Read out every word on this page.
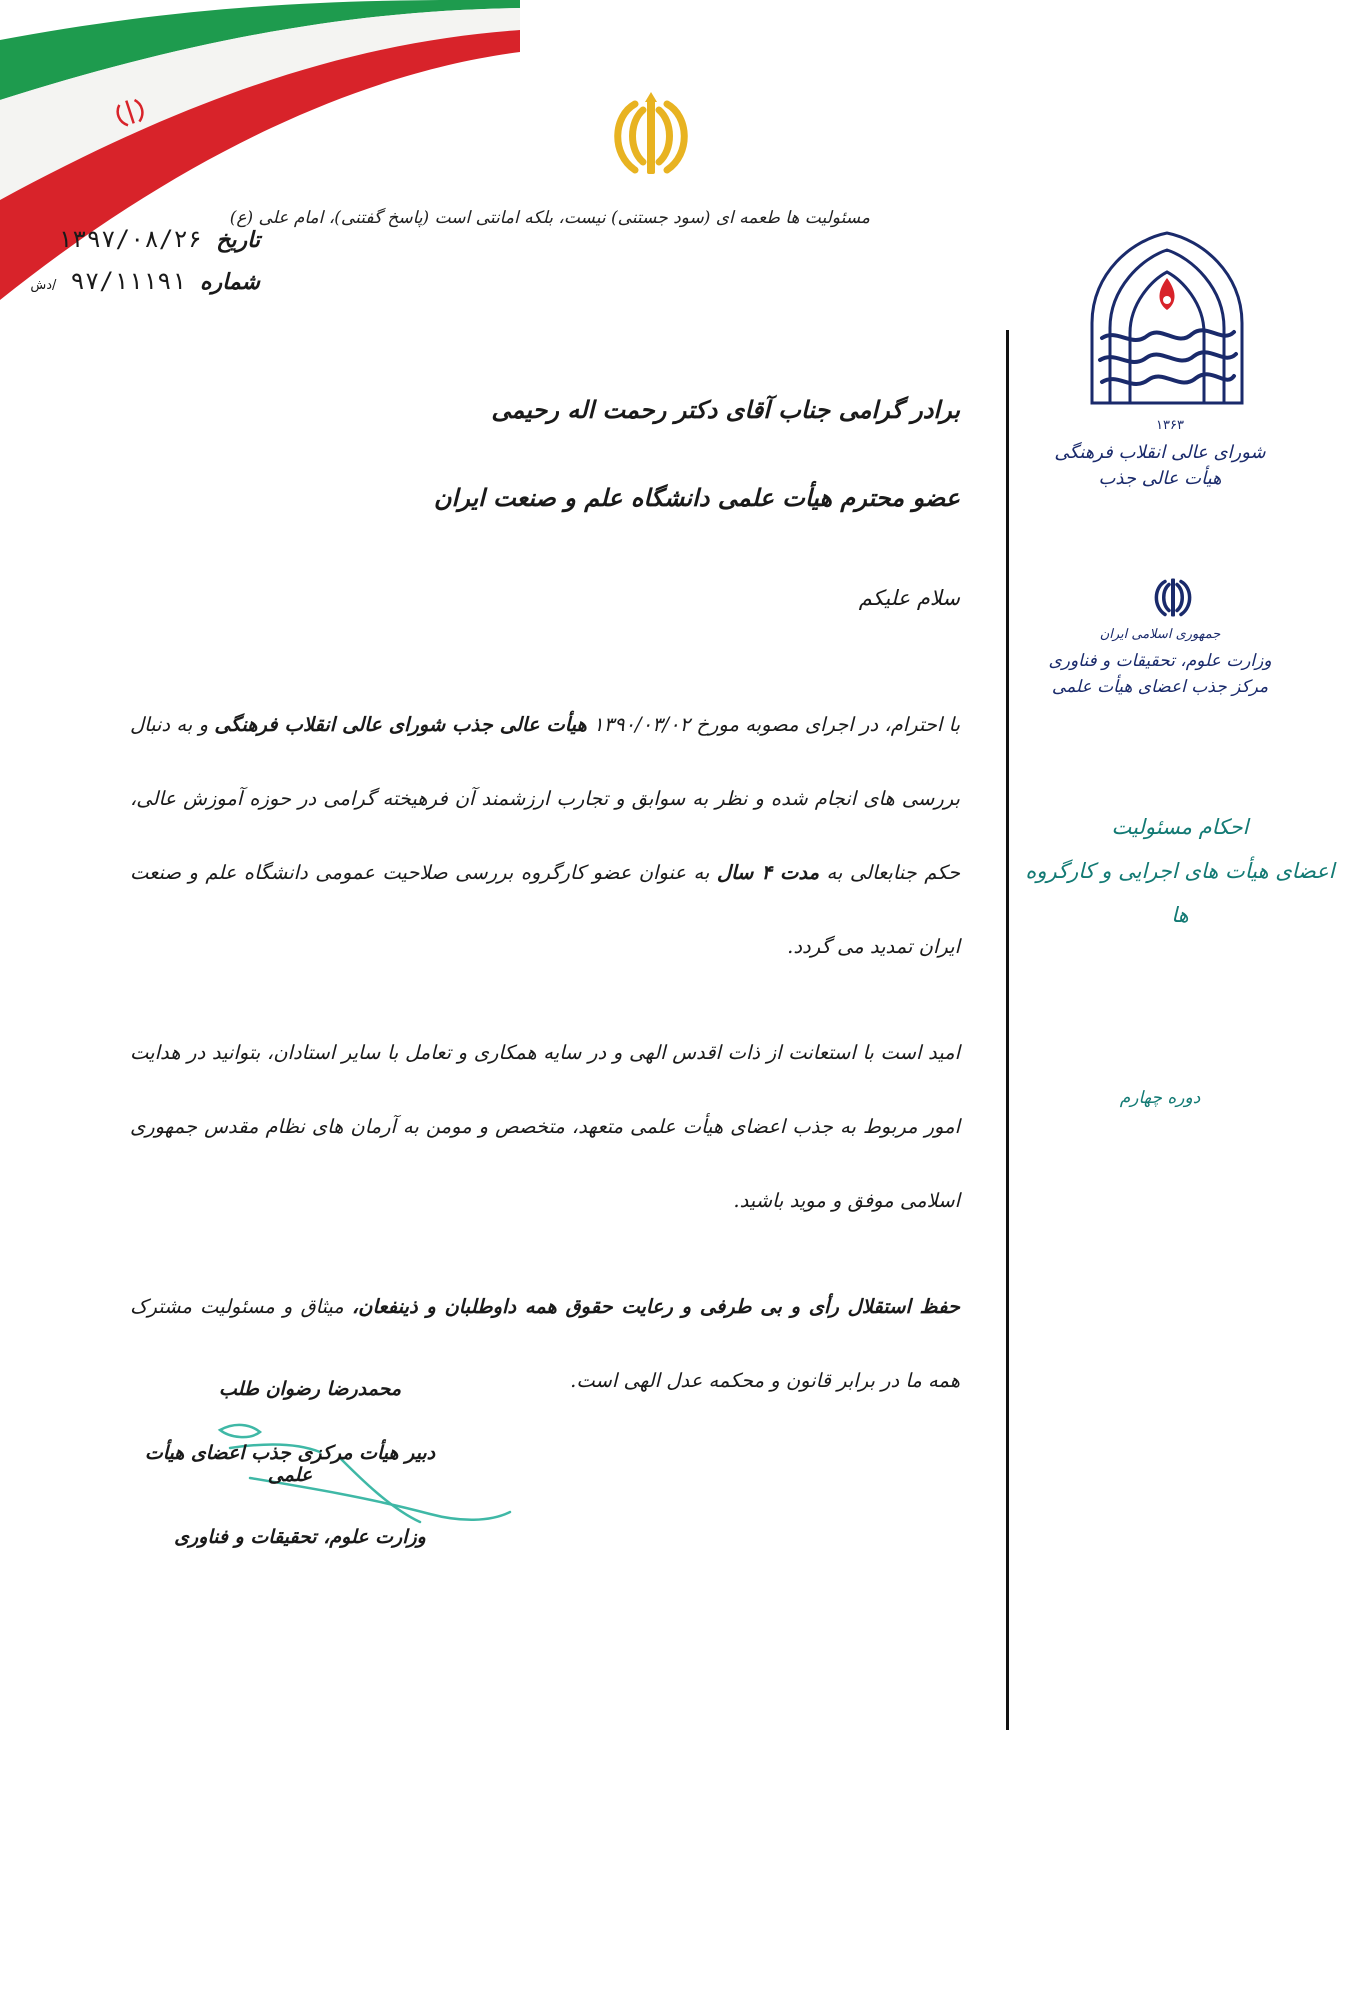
مسئولیت ها طعمه ای (سود جستنی) نیست، بلکه امانتی است (پاسخ گفتنی)، امام علی (ع)
تاریخ
۱۳۹۷/۰۸/۲۶
شماره
۹۷/۱۱۱۹۱
/دش
۱۳۶۳
شورای عالی انقلاب فرهنگی
هیأت عالی جذب
جمهوری اسلامی ایران
وزارت علوم، تحقیقات و فناوری
مرکز جذب اعضای هیأت علمی
احکام مسئولیت
اعضای هیأت های اجرایی و کارگروه ها
دوره چهارم
برادر گرامی جناب آقای دکتر رحمت اله رحیمی
عضو محترم هیأت علمی دانشگاه علم و صنعت ایران
سلام علیکم

با احترام، در اجرای مصوبه مورخ ۱۳۹۰/۰۳/۰۲ هیأت عالی جذب شورای عالی انقلاب فرهنگی و به دنبال بررسی های انجام شده و نظر به سوابق و تجارب ارزشمند آن فرهیخته گرامی در حوزه آموزش عالی، حکم جنابعالی به مدت ۴ سال به عنوان عضو کارگروه بررسی صلاحیت عمومی دانشگاه علم و صنعت ایران تمدید می گردد.

امید است با استعانت از ذات اقدس الهی و در سایه همکاری و تعامل با سایر استادان، بتوانید در هدایت امور مربوط به جذب اعضای هیأت علمی متعهد، متخصص و مومن به آرمان های نظام مقدس جمهوری اسلامی موفق و موید باشید.

حفظ استقلال رأی و بی طرفی و رعایت حقوق همه داوطلبان و ذینفعان، میثاق و مسئولیت مشترک همه ما در برابر قانون و محکمه عدل الهی است.

محمدرضا رضوان طلب
دبیر هیأت مرکزی جذب اعضای هیأت علمی
وزارت علوم، تحقیقات و فناوری
